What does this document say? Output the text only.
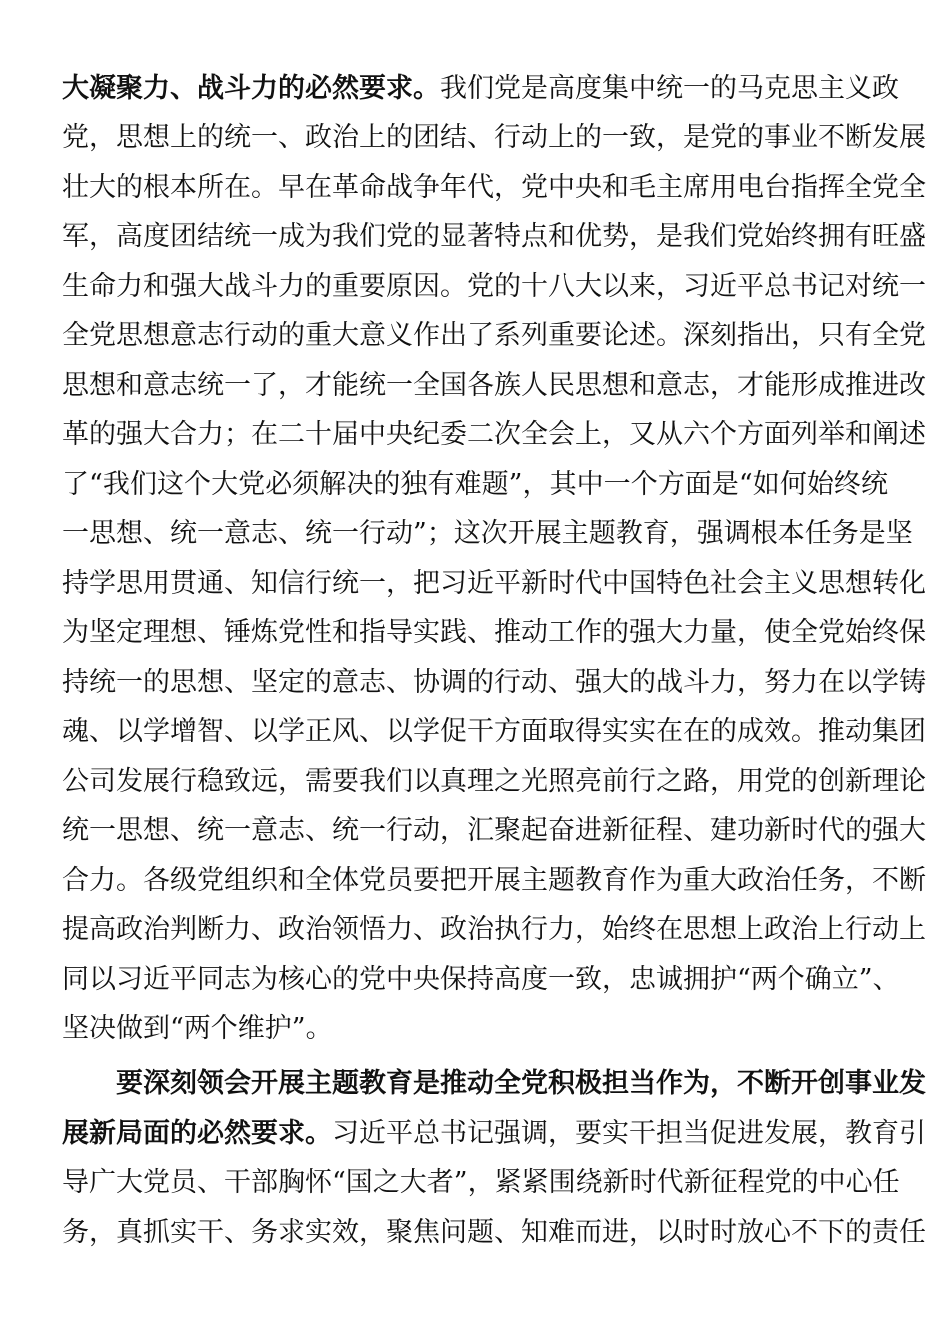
大凝聚力、战斗力的必然要求。我们党是高度集中统一的马克思主义政
党，思想上的统一、政治上的团结、行动上的一致，是党的事业不断发展
壮大的根本所在。早在革命战争年代，党中央和毛主席用电台指挥全党全
军，高度团结统一成为我们党的显著特点和优势，是我们党始终拥有旺盛
生命力和强大战斗力的重要原因。党的十八大以来，习近平总书记对统一
全党思想意志行动的重大意义作出了系列重要论述。深刻指出，只有全党
思想和意志统一了，才能统一全国各族人民思想和意志，才能形成推进改
革的强大合力；在二十届中央纪委二次全会上，又从六个方面列举和阐述
了“我们这个大党必须解决的独有难题”，其中一个方面是“如何始终统
一思想、统一意志、统一行动”；这次开展主题教育，强调根本任务是坚
持学思用贯通、知信行统一，把习近平新时代中国特色社会主义思想转化
为坚定理想、锤炼党性和指导实践、推动工作的强大力量，使全党始终保
持统一的思想、坚定的意志、协调的行动、强大的战斗力，努力在以学铸
魂、以学增智、以学正风、以学促干方面取得实实在在的成效。推动集团
公司发展行稳致远，需要我们以真理之光照亮前行之路，用党的创新理论
统一思想、统一意志、统一行动，汇聚起奋进新征程、建功新时代的强大
合力。各级党组织和全体党员要把开展主题教育作为重大政治任务，不断
提高政治判断力、政治领悟力、政治执行力，始终在思想上政治上行动上
同以习近平同志为核心的党中央保持高度一致，忠诚拥护“两个确立”、
坚决做到“两个维护”。
要深刻领会开展主题教育是推动全党积极担当作为，不断开创事业发
展新局面的必然要求。习近平总书记强调，要实干担当促进发展，教育引
导广大党员、干部胸怀“国之大者”，紧紧围绕新时代新征程党的中心任
务，真抓实干、务求实效，聚焦问题、知难而进，以时时放心不下的责任
